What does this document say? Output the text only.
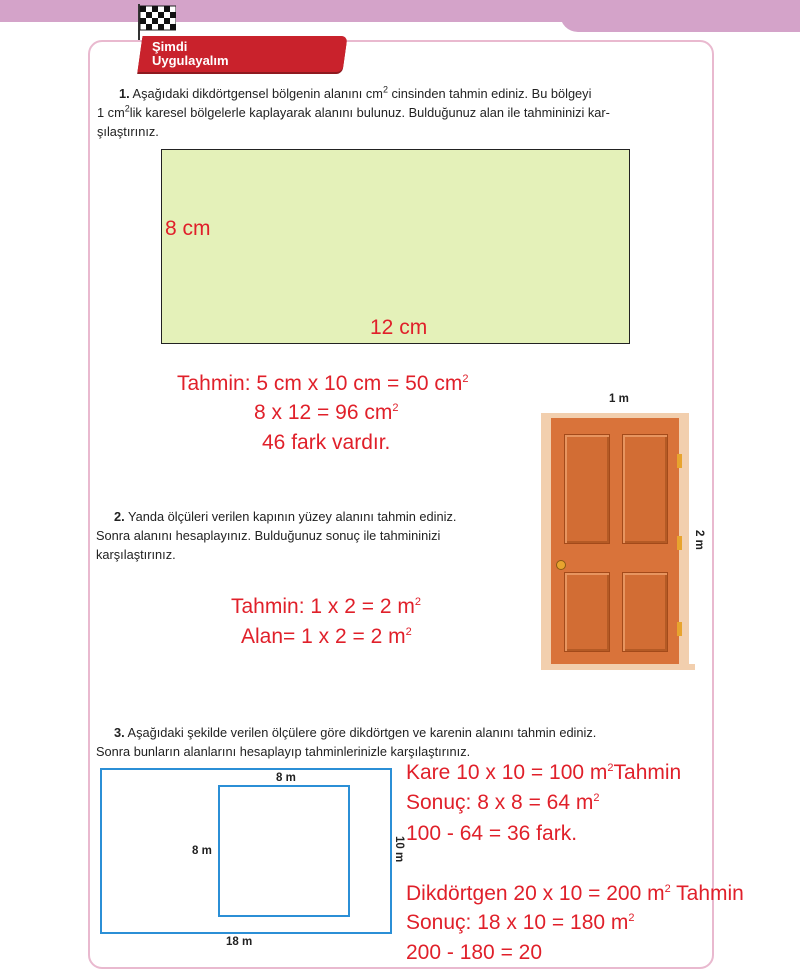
Şimdi
Uygulayalım
1. Aşağıdaki dikdörtgensel bölgenin alanını $cm^2$ cinsinden tahmin ediniz. Bu bölgeyi
1 $cm^2lik$ karesel bölgelerle kaplayarak alanını bulunuz. Bulduğunuz alan ile tahmininizi kar-
şılaştırınız.
8 cm
12 cm
Tahmin: 5 cm x 10 cm = 50 $cm^2$
8 x 12 = 96 $cm^2$
46 fark vardır.
1 m
2 m
2. Yanda ölçüleri verilen kapının yüzey alanını tahmin ediniz.
Sonra alanını hesaplayınız. Bulduğunuz sonuç ile tahmininizi
karşılaştırınız.
Tahmin: 1 x 2 = 2 $m^2$
Alan= 1 x 2 = 2 $m^2$
3. Aşağıdaki şekilde verilen ölçülere göre dikdörtgen ve karenin alanını tahmin ediniz.
Sonra bunların alanlarını hesaplayıp tahminlerinizle karşılaştırınız.
8 m
8 m	10 m
18 m
Kare 10 x 10 = 100 $m^2Tahmin$
Sonuç: 8 x 8 = 64 $m^2$
100 - 64 = 36 fark.
Dikdörtgen 20 x 10 = 200 $m^2$ Tahmin
Sonuç: 18 x 10 = 180 $m^2$
200 - 180 = 20
